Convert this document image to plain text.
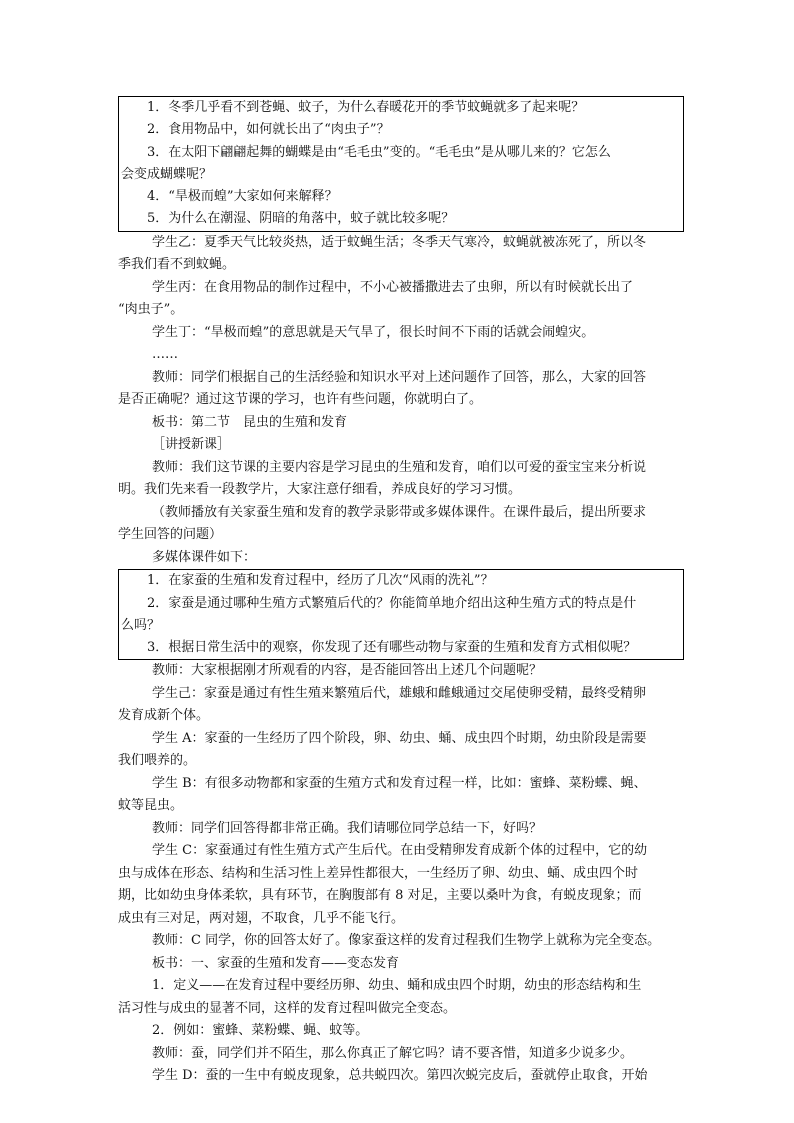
1．冬季几乎看不到苍蝇、蚊子，为什么春暖花开的季节蚊蝇就多了起来呢？
2．食用物品中，如何就长出了“肉虫子”？
3．在太阳下翩翩起舞的蝴蝶是由“毛毛虫”变的。“毛毛虫”是从哪儿来的？它怎么
会变成蝴蝶呢？
4．“旱极而蝗”大家如何来解释？
5．为什么在潮湿、阴暗的角落中，蚊子就比较多呢？
学生乙：夏季天气比较炎热，适于蚊蝇生活；冬季天气寒冷，蚊蝇就被冻死了，所以冬
季我们看不到蚊蝇。
学生丙：在食用物品的制作过程中，不小心被播撒进去了虫卵，所以有时候就长出了
“肉虫子”。
学生丁：“旱极而蝗”的意思就是天气旱了，很长时间不下雨的话就会闹蝗灾。
……
教师：同学们根据自己的生活经验和知识水平对上述问题作了回答，那么，大家的回答
是否正确呢？通过这节课的学习，也许有些问题，你就明白了。
板书：第二节　昆虫的生殖和发育
［讲授新课］
教师：我们这节课的主要内容是学习昆虫的生殖和发育，咱们以可爱的蚕宝宝来分析说
明。我们先来看一段教学片，大家注意仔细看，养成良好的学习习惯。
（教师播放有关家蚕生殖和发育的教学录影带或多媒体课件。在课件最后，提出所要求
学生回答的问题）
多媒体课件如下：
1．在家蚕的生殖和发育过程中，经历了几次“风雨的洗礼”？
2．家蚕是通过哪种生殖方式繁殖后代的？你能简单地介绍出这种生殖方式的特点是什
么吗？
3．根据日常生活中的观察，你发现了还有哪些动物与家蚕的生殖和发育方式相似呢？
教师：大家根据刚才所观看的内容，是否能回答出上述几个问题呢？
学生己：家蚕是通过有性生殖来繁殖后代，雄蛾和雌蛾通过交尾使卵受精，最终受精卵
发育成新个体。
学生 A：家蚕的一生经历了四个阶段，卵、幼虫、蛹、成虫四个时期，幼虫阶段是需要
我们喂养的。
学生 B：有很多动物都和家蚕的生殖方式和发育过程一样，比如：蜜蜂、菜粉蝶、蝇、
蚊等昆虫。
教师：同学们回答得都非常正确。我们请哪位同学总结一下，好吗？
学生 C：家蚕通过有性生殖方式产生后代。在由受精卵发育成新个体的过程中，它的幼
虫与成体在形态、结构和生活习性上差异性都很大，一生经历了卵、幼虫、蛹、成虫四个时
期，比如幼虫身体柔软，具有环节，在胸腹部有 8 对足，主要以桑叶为食，有蜕皮现象；而
成虫有三对足，两对翅，不取食，几乎不能飞行。
教师：C 同学，你的回答太好了。像家蚕这样的发育过程我们生物学上就称为完全变态。
板书：一、家蚕的生殖和发育——变态发育
1．定义——在发育过程中要经历卵、幼虫、蛹和成虫四个时期，幼虫的形态结构和生
活习性与成虫的显著不同，这样的发育过程叫做完全变态。
2．例如：蜜蜂、菜粉蝶、蝇、蚊等。
教师：蚕，同学们并不陌生，那么你真正了解它吗？请不要吝惜，知道多少说多少。
学生 D：蚕的一生中有蜕皮现象，总共蜕四次。第四次蜕完皮后，蚕就停止取食，开始
